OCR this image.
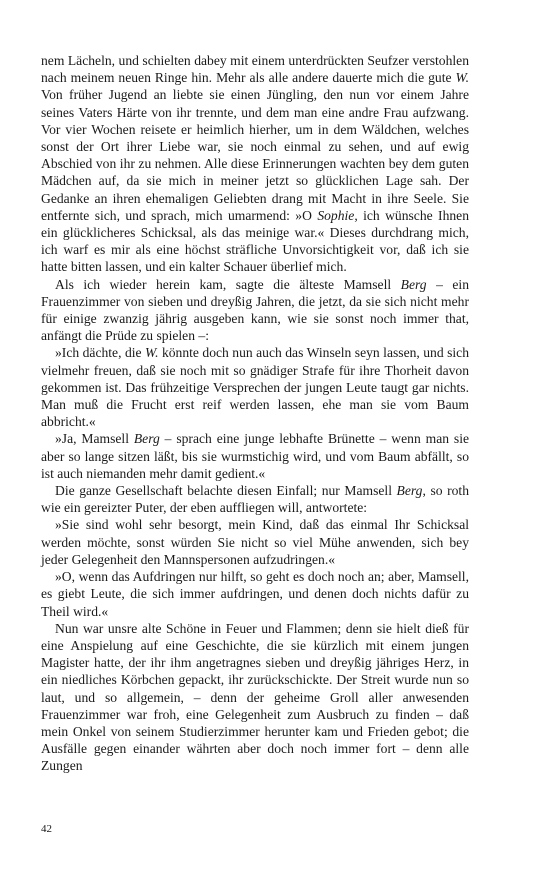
nem Lächeln, und schielten dabey mit einem unterdrückten Seufzer verstohlen nach meinem neuen Ringe hin. Mehr als alle andere dauerte mich die gute W. Von früher Jugend an liebte sie einen Jüngling, den nun vor einem Jahre seines Vaters Härte von ihr trennte, und dem man eine andre Frau aufzwang. Vor vier Wochen reisete er heimlich hierher, um in dem Wäldchen, welches sonst der Ort ihrer Liebe war, sie noch einmal zu sehen, und auf ewig Abschied von ihr zu nehmen. Alle diese Erinnerungen wachten bey dem guten Mädchen auf, da sie mich in meiner jetzt so glücklichen Lage sah. Der Gedanke an ihren ehemaligen Geliebten drang mit Macht in ihre Seele. Sie entfernte sich, und sprach, mich umarmend: »O Sophie, ich wünsche Ihnen ein glücklicheres Schicksal, als das meinige war.« Dieses durchdrang mich, ich warf es mir als eine höchst sträfliche Unvorsichtigkeit vor, daß ich sie hatte bitten lassen, und ein kalter Schauer überlief mich.

Als ich wieder herein kam, sagte die älteste Mamsell Berg – ein Frauenzimmer von sieben und dreyßig Jahren, die jetzt, da sie sich nicht mehr für einige zwanzig jährig ausgeben kann, wie sie sonst noch immer that, anfängt die Prüde zu spielen –:

»Ich dächte, die W. könnte doch nun auch das Winseln seyn lassen, und sich vielmehr freuen, daß sie noch mit so gnädiger Strafe für ihre Thorheit davon gekommen ist. Das frühzeitige Versprechen der jungen Leute taugt gar nichts. Man muß die Frucht erst reif werden lassen, ehe man sie vom Baum abbricht.«

»Ja, Mamsell Berg – sprach eine junge lebhafte Brünette – wenn man sie aber so lange sitzen läßt, bis sie wurmstichig wird, und vom Baum abfällt, so ist auch niemanden mehr damit gedient.«

Die ganze Gesellschaft belachte diesen Einfall; nur Mamsell Berg, so roth wie ein gereizter Puter, der eben auffliegen will, antwortete:

»Sie sind wohl sehr besorgt, mein Kind, daß das einmal Ihr Schicksal werden möchte, sonst würden Sie nicht so viel Mühe anwenden, sich bey jeder Gelegenheit den Mannspersonen aufzudringen.«

»O, wenn das Aufdringen nur hilft, so geht es doch noch an; aber, Mamsell, es giebt Leute, die sich immer aufdringen, und denen doch nichts dafür zu Theil wird.«

Nun war unsre alte Schöne in Feuer und Flammen; denn sie hielt dieß für eine Anspielung auf eine Geschichte, die sie kürzlich mit einem jungen Magister hatte, der ihr ihm angetragnes sieben und dreyßig jähriges Herz, in ein niedliches Körbchen gepackt, ihr zurückschickte. Der Streit wurde nun so laut, und so allgemein, – denn der geheime Groll aller anwesenden Frauenzimmer war froh, eine Gelegenheit zum Ausbruch zu finden – daß mein Onkel von seinem Studierzimmer herunter kam und Frieden gebot; die Ausfälle gegen einander währten aber doch noch immer fort – denn alle Zungen

42
